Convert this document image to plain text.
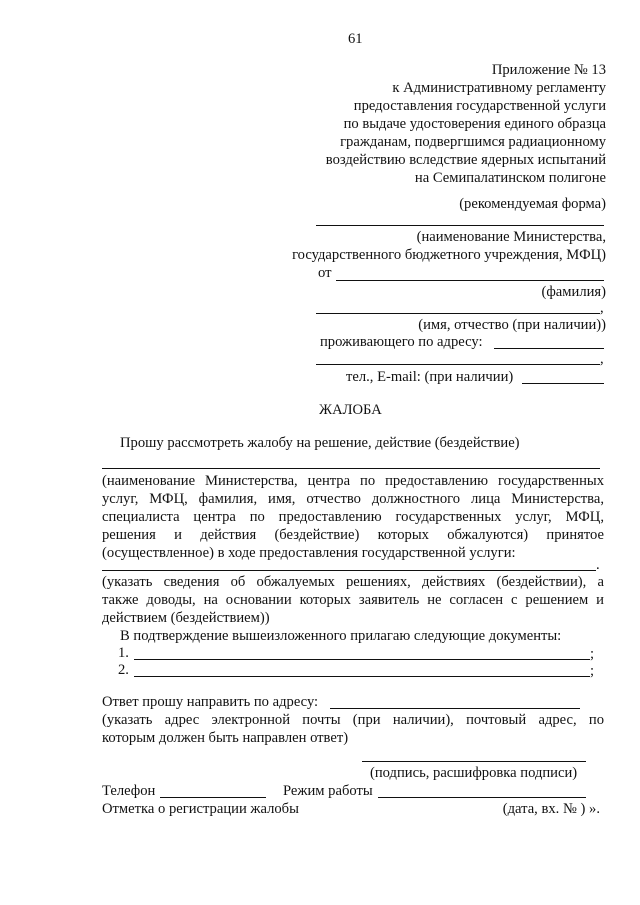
61
Приложение № 13
к Административному регламенту
предоставления государственной услуги
по выдаче удостоверения единого образца
гражданам, подвергшимся радиационному
воздействию вследствие ядерных испытаний
на Семипалатинском полигоне
(рекомендуемая форма)
(наименование Министерства,
государственного бюджетного учреждения, МФЦ)
от
(фамилия)
,
(имя, отчество (при наличии))
проживающего по адресу:
,
тел., E-mail: (при наличии)
ЖАЛОБА
Прошу рассмотреть жалобу на решение, действие (бездействие)
(наименование Министерства, центра по предоставлению государственных
услуг, МФЦ, фамилия, имя, отчество должностного лица Министерства,
специалиста центра по предоставлению государственных услуг, МФЦ,
решения и действия (бездействие) которых обжалуются) принятое
(осуществленное) в ходе предоставления государственной услуги:
.
(указать сведения об обжалуемых решениях, действиях (бездействии), а
также доводы, на основании которых заявитель не согласен с решением и
действием (бездействием))
В подтверждение вышеизложенного прилагаю следующие документы:
1.	;
2.	;
Ответ прошу направить по адресу:
(указать адрес электронной почты (при наличии), почтовый адрес, по
которым должен быть направлен ответ)
(подпись, расшифровка подписи)
Телефон	Режим работы
Отметка о регистрации жалобы	(дата, вх. № ) ».
